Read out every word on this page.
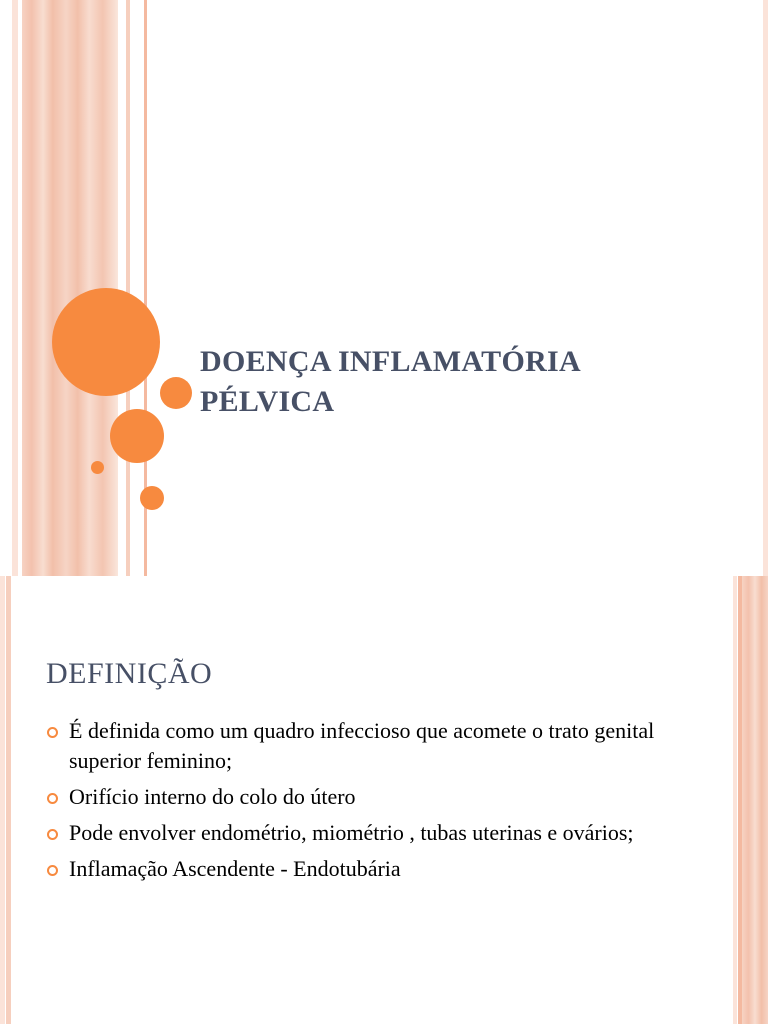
DOENÇA INFLAMATÓRIA
PÉLVICA
DEFINIÇÃO
É definida como um quadro infeccioso que acomete o trato genital superior feminino;
Orifício interno do colo do útero
Pode envolver endométrio, miométrio , tubas uterinas e ovários;
Inflamação Ascendente - Endotubária
